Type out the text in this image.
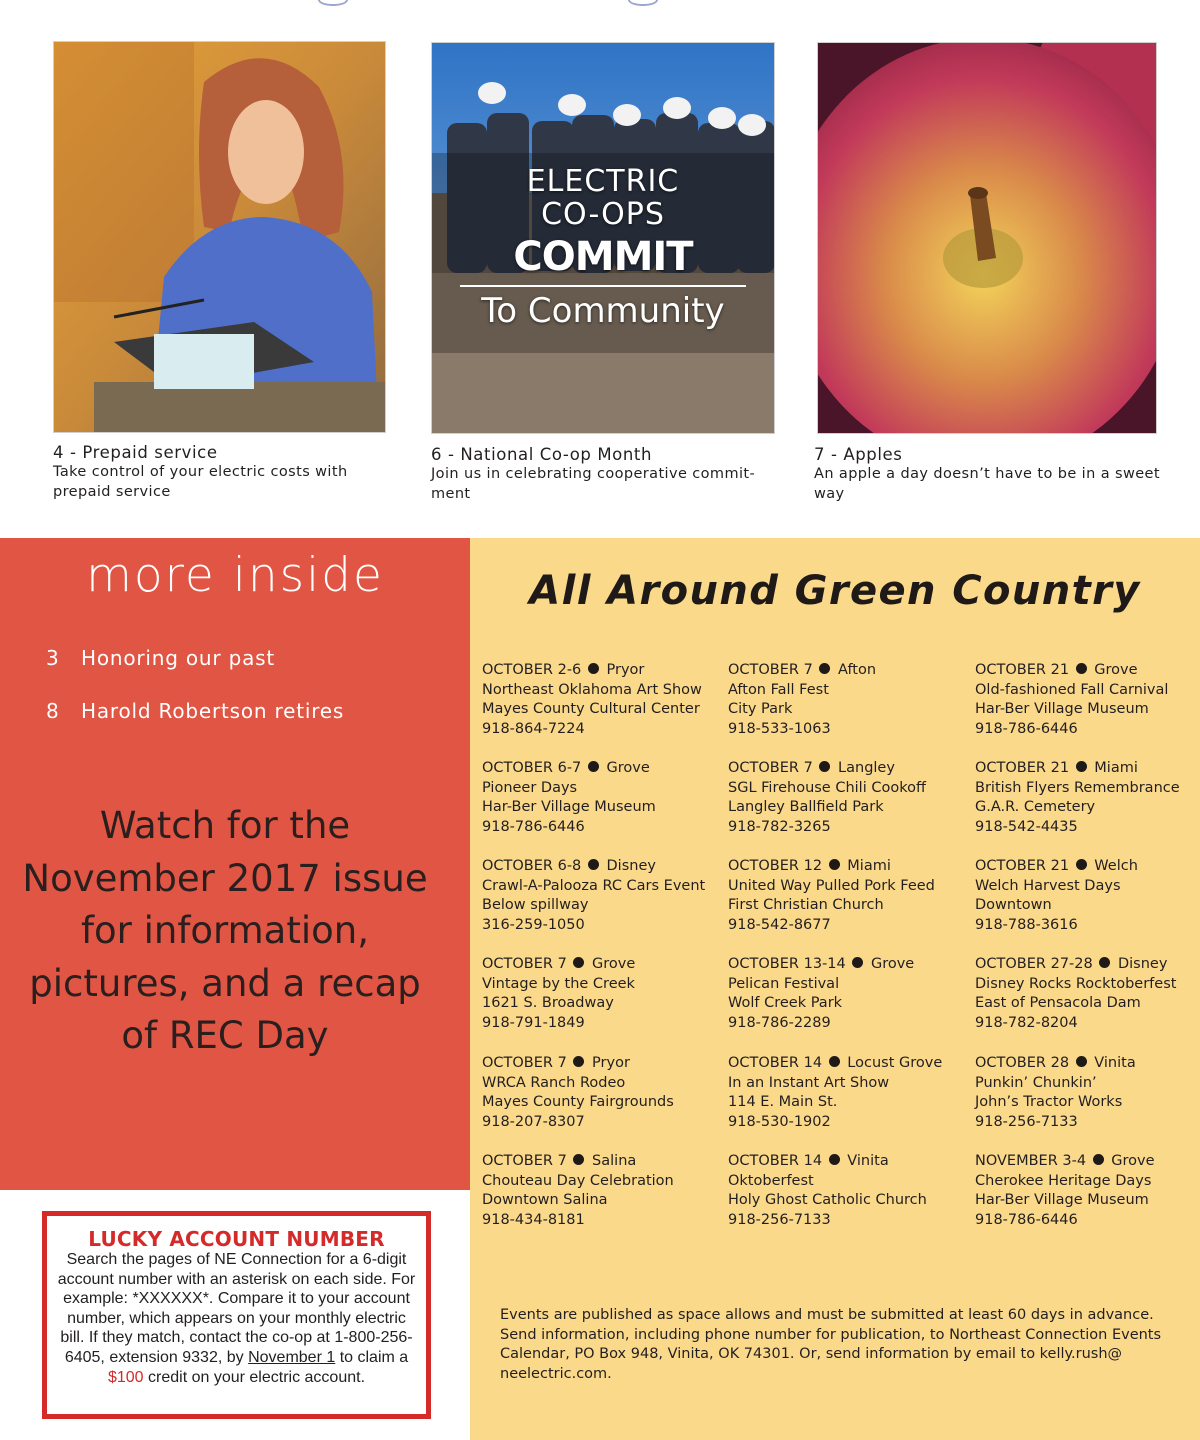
4 - Prepaid service
Take control of your electric costs with prepaid service
ELECTRIC
CO-OPS
COMMIT
To Community
6 - National Co-op Month
Join us in celebrating cooperative commit- ment
7 - Apples
An apple a day doesn’t have to be in a sweet way
more inside
3 Honoring our past
8 Harold Robertson retires
Watch for the November 2017 issue for information, pictures, and a recap of REC Day
LUCKY ACCOUNT NUMBER
Search the pages of NE Connection for a 6-digit account number with an asterisk on each side. For example: *XXXXXX*. Compare it to your account number, which appears on your monthly electric bill. If they match, contact the co-op at 1-800-256-6405, extension 9332, by November 1 to claim a $100 credit on your electric account.
All Around Green Country
OCTOBER 2-6 Pryor
Northeast Oklahoma Art Show
Mayes County Cultural Center
918-864-7224
OCTOBER 6-7 Grove
Pioneer Days
Har-Ber Village Museum
918-786-6446
OCTOBER 6-8 Disney
Crawl-A-Palooza RC Cars Event
Below spillway
316-259-1050
OCTOBER 7 Grove
Vintage by the Creek
1621 S. Broadway
918-791-1849
OCTOBER 7 Pryor
WRCA Ranch Rodeo
Mayes County Fairgrounds
918-207-8307
OCTOBER 7 Salina
Chouteau Day Celebration
Downtown Salina
918-434-8181
OCTOBER 7 Afton
Afton Fall Fest
City Park
918-533-1063
OCTOBER 7 Langley
SGL Firehouse Chili Cookoff
Langley Ballfield Park
918-782-3265
OCTOBER 12 Miami
United Way Pulled Pork Feed
First Christian Church
918-542-8677
OCTOBER 13-14 Grove
Pelican Festival
Wolf Creek Park
918-786-2289
OCTOBER 14 Locust Grove
In an Instant Art Show
114 E. Main St.
918-530-1902
OCTOBER 14 Vinita
Oktoberfest
Holy Ghost Catholic Church
918-256-7133
OCTOBER 21 Grove
Old-fashioned Fall Carnival
Har-Ber Village Museum
918-786-6446
OCTOBER 21 Miami
British Flyers Remembrance
G.A.R. Cemetery
918-542-4435
OCTOBER 21 Welch
Welch Harvest Days
Downtown
918-788-3616
OCTOBER 27-28 Disney
Disney Rocks Rocktoberfest
East of Pensacola Dam
918-782-8204
OCTOBER 28 Vinita
Punkin’ Chunkin’
John’s Tractor Works
918-256-7133
NOVEMBER 3-4 Grove
Cherokee Heritage Days
Har-Ber Village Museum
918-786-6446
Events are published as space allows and must be submitted at least 60 days in advance. Send information, including phone number for publication, to Northeast Connection Events Calendar, PO Box 948, Vinita, OK 74301. Or, send information by email to kelly.rush@ neelectric.com.
